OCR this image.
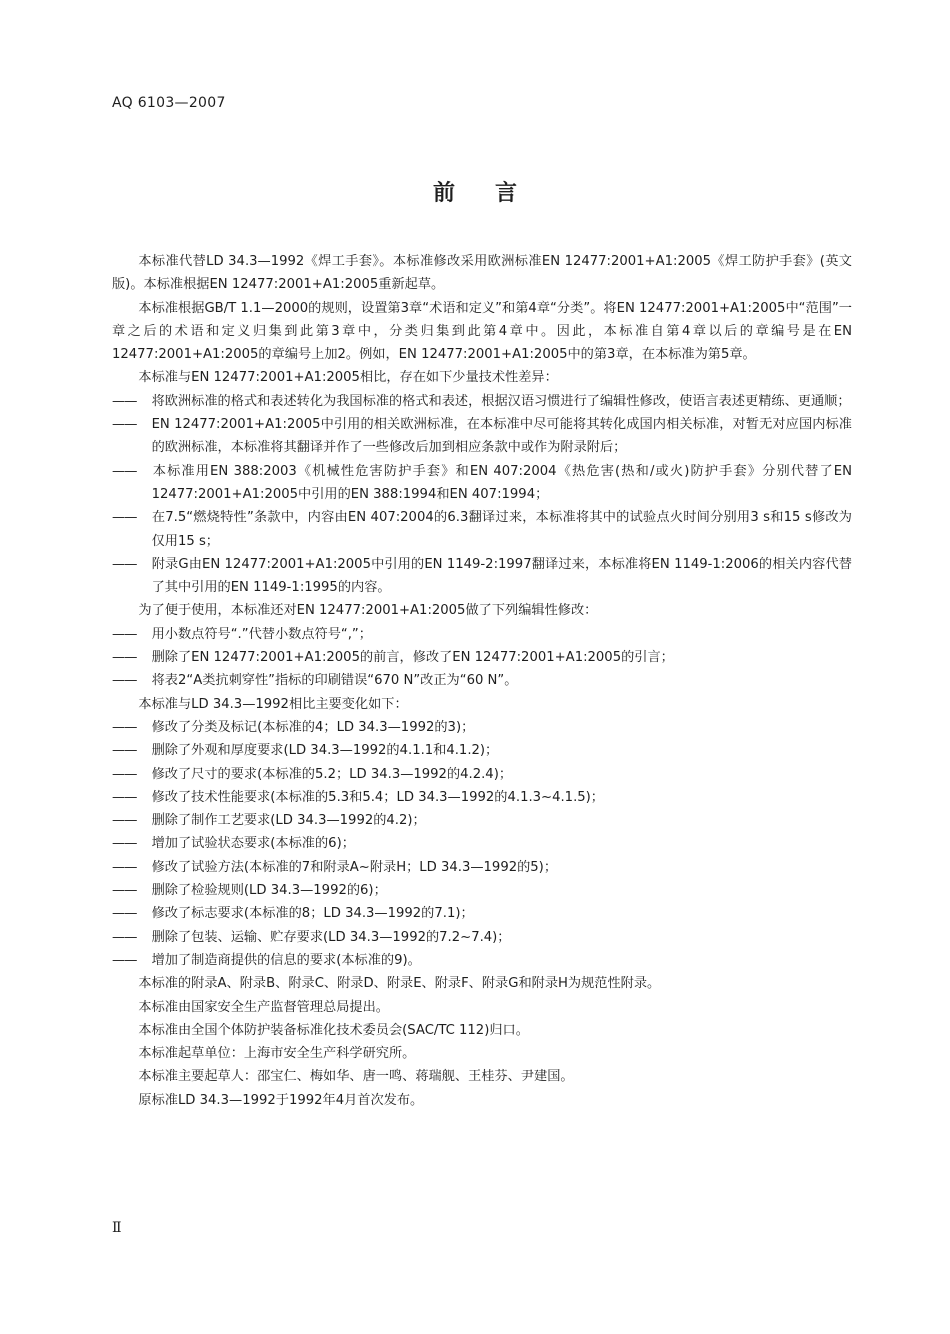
AQ 6103—2007
前言

本标准代替LD 34.3—1992《焊工手套》。本标准修改采用欧洲标准EN 12477:2001+A1:2005《焊工防护手套》(英文版)。本标准根据EN 12477:2001+A1:2005重新起草。

本标准根据GB/T 1.1—2000的规则，设置第3章“术语和定义”和第4章“分类”。将EN 12477:2001+A1:2005中“范围”一章之后的术语和定义归集到此第3章中，分类归集到此第4章中。因此，本标准自第4章以后的章编号是在EN 12477:2001+A1:2005的章编号上加2。例如，EN 12477:2001+A1:2005中的第3章，在本标准为第5章。

本标准与EN 12477:2001+A1:2005相比，存在如下少量技术性差异：

—— 将欧洲标准的格式和表述转化为我国标准的格式和表述，根据汉语习惯进行了编辑性修改，使语言表述更精练、更通顺；

—— EN 12477:2001+A1:2005中引用的相关欧洲标准，在本标准中尽可能将其转化成国内相关标准，对暂无对应国内标准的欧洲标准，本标准将其翻译并作了一些修改后加到相应条款中或作为附录附后；

—— 本标准用EN 388:2003《机械性危害防护手套》和EN 407:2004《热危害(热和/或火)防护手套》分别代替了EN 12477:2001+A1:2005中引用的EN 388:1994和EN 407:1994；

—— 在7.5“燃烧特性”条款中，内容由EN 407:2004的6.3翻译过来，本标准将其中的试验点火时间分别用3 s和15 s修改为仅用15 s；

—— 附录G由EN 12477:2001+A1:2005中引用的EN 1149-2:1997翻译过来，本标准将EN 1149-1:2006的相关内容代替了其中引用的EN 1149-1:1995的内容。

为了便于使用，本标准还对EN 12477:2001+A1:2005做了下列编辑性修改：

—— 用小数点符号“.”代替小数点符号“,”；

—— 删除了EN 12477:2001+A1:2005的前言，修改了EN 12477:2001+A1:2005的引言；

—— 将表2“A类抗刺穿性”指标的印刷错误“670 N”改正为“60 N”。

本标准与LD 34.3—1992相比主要变化如下：

—— 修改了分类及标记(本标准的4；LD 34.3—1992的3)；

—— 删除了外观和厚度要求(LD 34.3—1992的4.1.1和4.1.2)；

—— 修改了尺寸的要求(本标准的5.2；LD 34.3—1992的4.2.4)；

—— 修改了技术性能要求(本标准的5.3和5.4；LD 34.3—1992的4.1.3~4.1.5)；

—— 删除了制作工艺要求(LD 34.3—1992的4.2)；

—— 增加了试验状态要求(本标准的6)；

—— 修改了试验方法(本标准的7和附录A~附录H；LD 34.3—1992的5)；

—— 删除了检验规则(LD 34.3—1992的6)；

—— 修改了标志要求(本标准的8；LD 34.3—1992的7.1)；

—— 删除了包装、运输、贮存要求(LD 34.3—1992的7.2~7.4)；

—— 增加了制造商提供的信息的要求(本标准的9)。

本标准的附录A、附录B、附录C、附录D、附录E、附录F、附录G和附录H为规范性附录。

本标准由国家安全生产监督管理总局提出。

本标准由全国个体防护装备标准化技术委员会(SAC/TC 112)归口。

本标准起草单位：上海市安全生产科学研究所。

本标准主要起草人：邵宝仁、梅如华、唐一鸣、蒋瑞舰、王桂芬、尹建国。

原标准LD 34.3—1992于1992年4月首次发布。

Ⅱ
